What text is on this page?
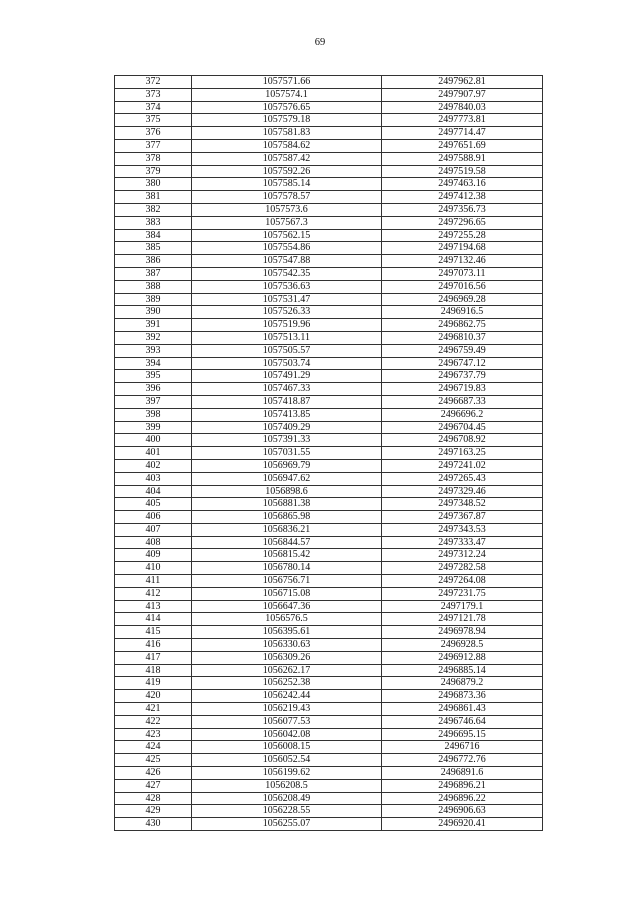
69
372	1057571.66	2497962.81
373	1057574.1	2497907.97
374	1057576.65	2497840.03
375	1057579.18	2497773.81
376	1057581.83	2497714.47
377	1057584.62	2497651.69
378	1057587.42	2497588.91
379	1057592.26	2497519.58
380	1057585.14	2497463.16
381	1057578.57	2497412.38
382	1057573.6	2497356.73
383	1057567.3	2497296.65
384	1057562.15	2497255.28
385	1057554.86	2497194.68
386	1057547.88	2497132.46
387	1057542.35	2497073.11
388	1057536.63	2497016.56
389	1057531.47	2496969.28
390	1057526.33	2496916.5
391	1057519.96	2496862.75
392	1057513.11	2496810.37
393	1057505.57	2496759.49
394	1057503.74	2496747.12
395	1057491.29	2496737.79
396	1057467.33	2496719.83
397	1057418.87	2496687.33
398	1057413.85	2496696.2
399	1057409.29	2496704.45
400	1057391.33	2496708.92
401	1057031.55	2497163.25
402	1056969.79	2497241.02
403	1056947.62	2497265.43
404	1056898.6	2497329.46
405	1056881.38	2497348.52
406	1056865.98	2497367.87
407	1056836.21	2497343.53
408	1056844.57	2497333.47
409	1056815.42	2497312.24
410	1056780.14	2497282.58
411	1056756.71	2497264.08
412	1056715.08	2497231.75
413	1056647.36	2497179.1
414	1056576.5	2497121.78
415	1056395.61	2496978.94
416	1056330.63	2496928.5
417	1056309.26	2496912.88
418	1056262.17	2496885.14
419	1056252.38	2496879.2
420	1056242.44	2496873.36
421	1056219.43	2496861.43
422	1056077.53	2496746.64
423	1056042.08	2496695.15
424	1056008.15	2496716
425	1056052.54	2496772.76
426	1056199.62	2496891.6
427	1056208.5	2496896.21
428	1056208.49	2496896.22
429	1056228.55	2496906.63
430	1056255.07	2496920.41
